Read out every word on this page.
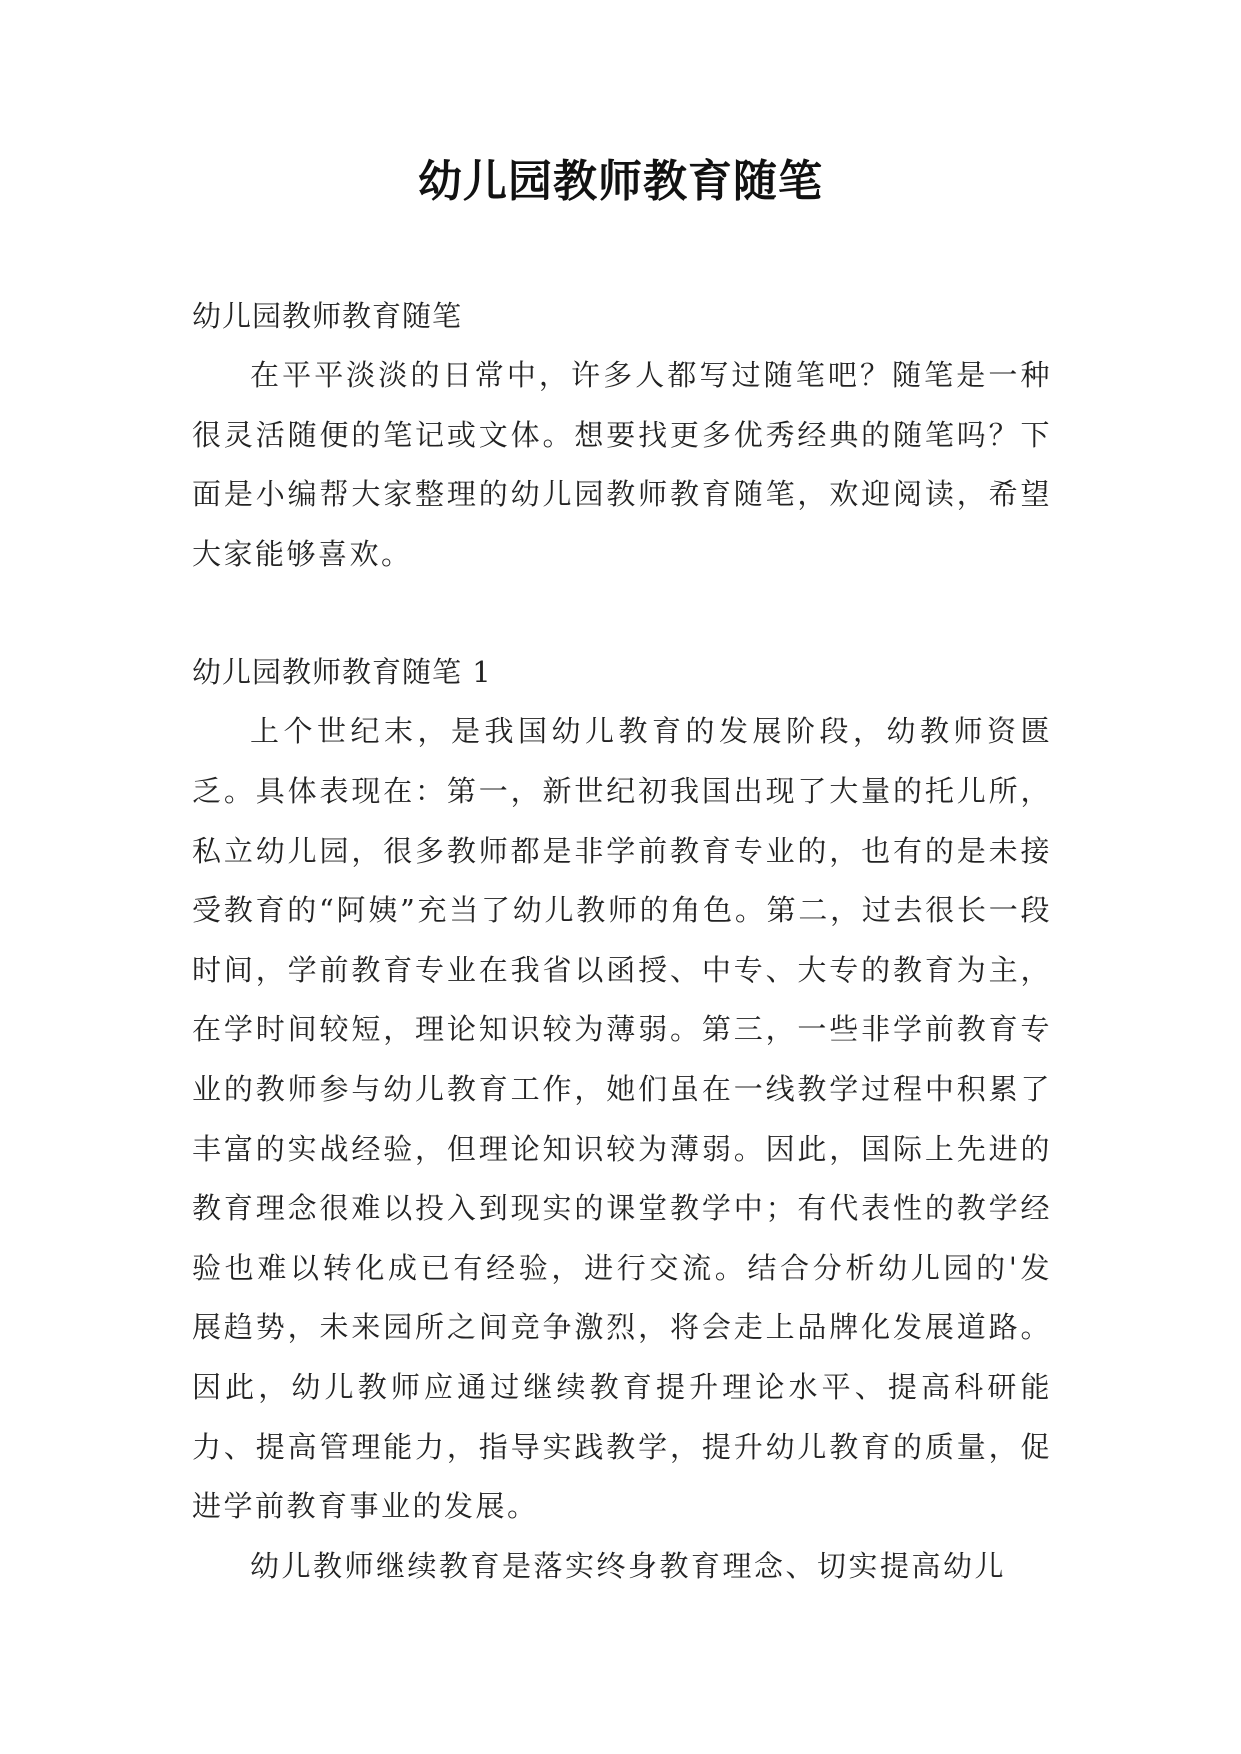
幼儿园教师教育随笔

幼儿园教师教育随笔

在平平淡淡的日常中，许多人都写过随笔吧？随笔是一种很灵活随便的笔记或文体。想要找更多优秀经典的随笔吗？下面是小编帮大家整理的幼儿园教师教育随笔，欢迎阅读，希望大家能够喜欢。

幼儿园教师教育随笔 1

上个世纪末，是我国幼儿教育的发展阶段，幼教师资匮乏。具体表现在：第一，新世纪初我国出现了大量的托儿所，私立幼儿园，很多教师都是非学前教育专业的，也有的是未接受教育的“阿姨”充当了幼儿教师的角色。第二，过去很长一段时间，学前教育专业在我省以函授、中专、大专的教育为主，在学时间较短，理论知识较为薄弱。第三，一些非学前教育专业的教师参与幼儿教育工作，她们虽在一线教学过程中积累了丰富的实战经验，但理论知识较为薄弱。因此，国际上先进的教育理念很难以投入到现实的课堂教学中；有代表性的教学经验也难以转化成已有经验，进行交流。结合分析幼儿园的'发展趋势，未来园所之间竞争激烈，将会走上品牌化发展道路。因此，幼儿教师应通过继续教育提升理论水平、提高科研能力、提高管理能力，指导实践教学，提升幼儿教育的质量，促进学前教育事业的发展。

幼儿教师继续教育是落实终身教育理念、切实提高幼儿
